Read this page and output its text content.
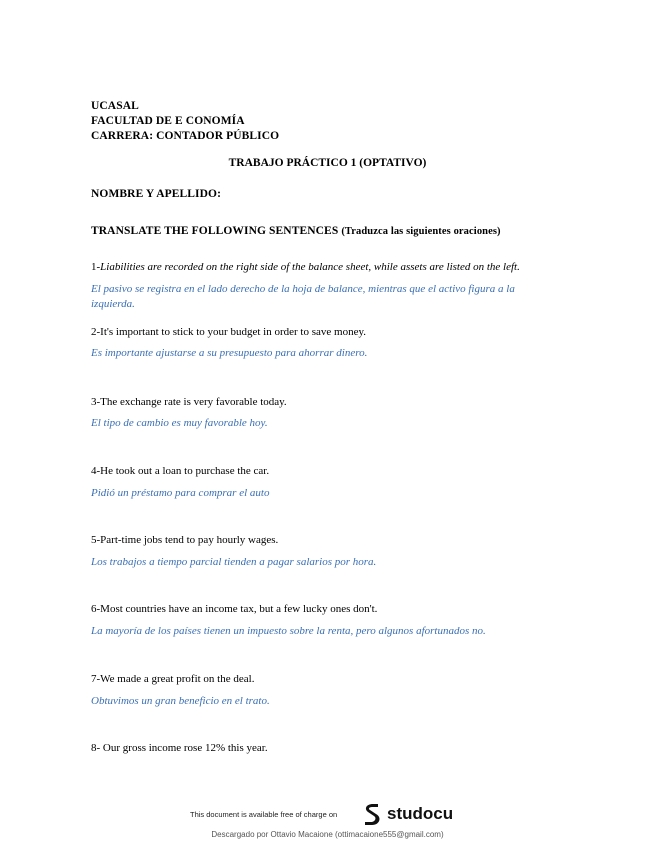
UCASAL
FACULTAD DE E CONOMÍA
CARRERA: CONTADOR PÚBLICO
TRABAJO PRÁCTICO 1 (OPTATIVO)
NOMBRE Y APELLIDO:
TRANSLATE THE FOLLOWING SENTENCES (Traduzca las siguientes oraciones)
1-Liabilities are recorded on the right side of the balance sheet, while assets are listed on the left.
El pasivo se registra en el lado derecho de la hoja de balance, mientras que el activo figura a la izquierda.
2-It's important to stick to your budget in order to save money.
Es importante ajustarse a su presupuesto para ahorrar dinero.
3-The exchange rate is very favorable today.
El tipo de cambio es muy favorable hoy.
4-He took out a loan to purchase the car.
Pidió un préstamo para comprar el auto
5-Part-time jobs tend to pay hourly wages.
Los trabajos a tiempo parcial tienden a pagar salarios por hora.
6-Most countries have an income tax, but a few lucky ones don't.
La mayoría de los países tienen un impuesto sobre la renta, pero algunos afortunados no.
7-We made a great profit on the deal.
Obtuvimos un gran beneficio en el trato.
8- Our gross income rose 12% this year.
This document is available free of charge on	studocu
Descargado por Ottavio Macaione (ottimacaione555@gmail.com)
